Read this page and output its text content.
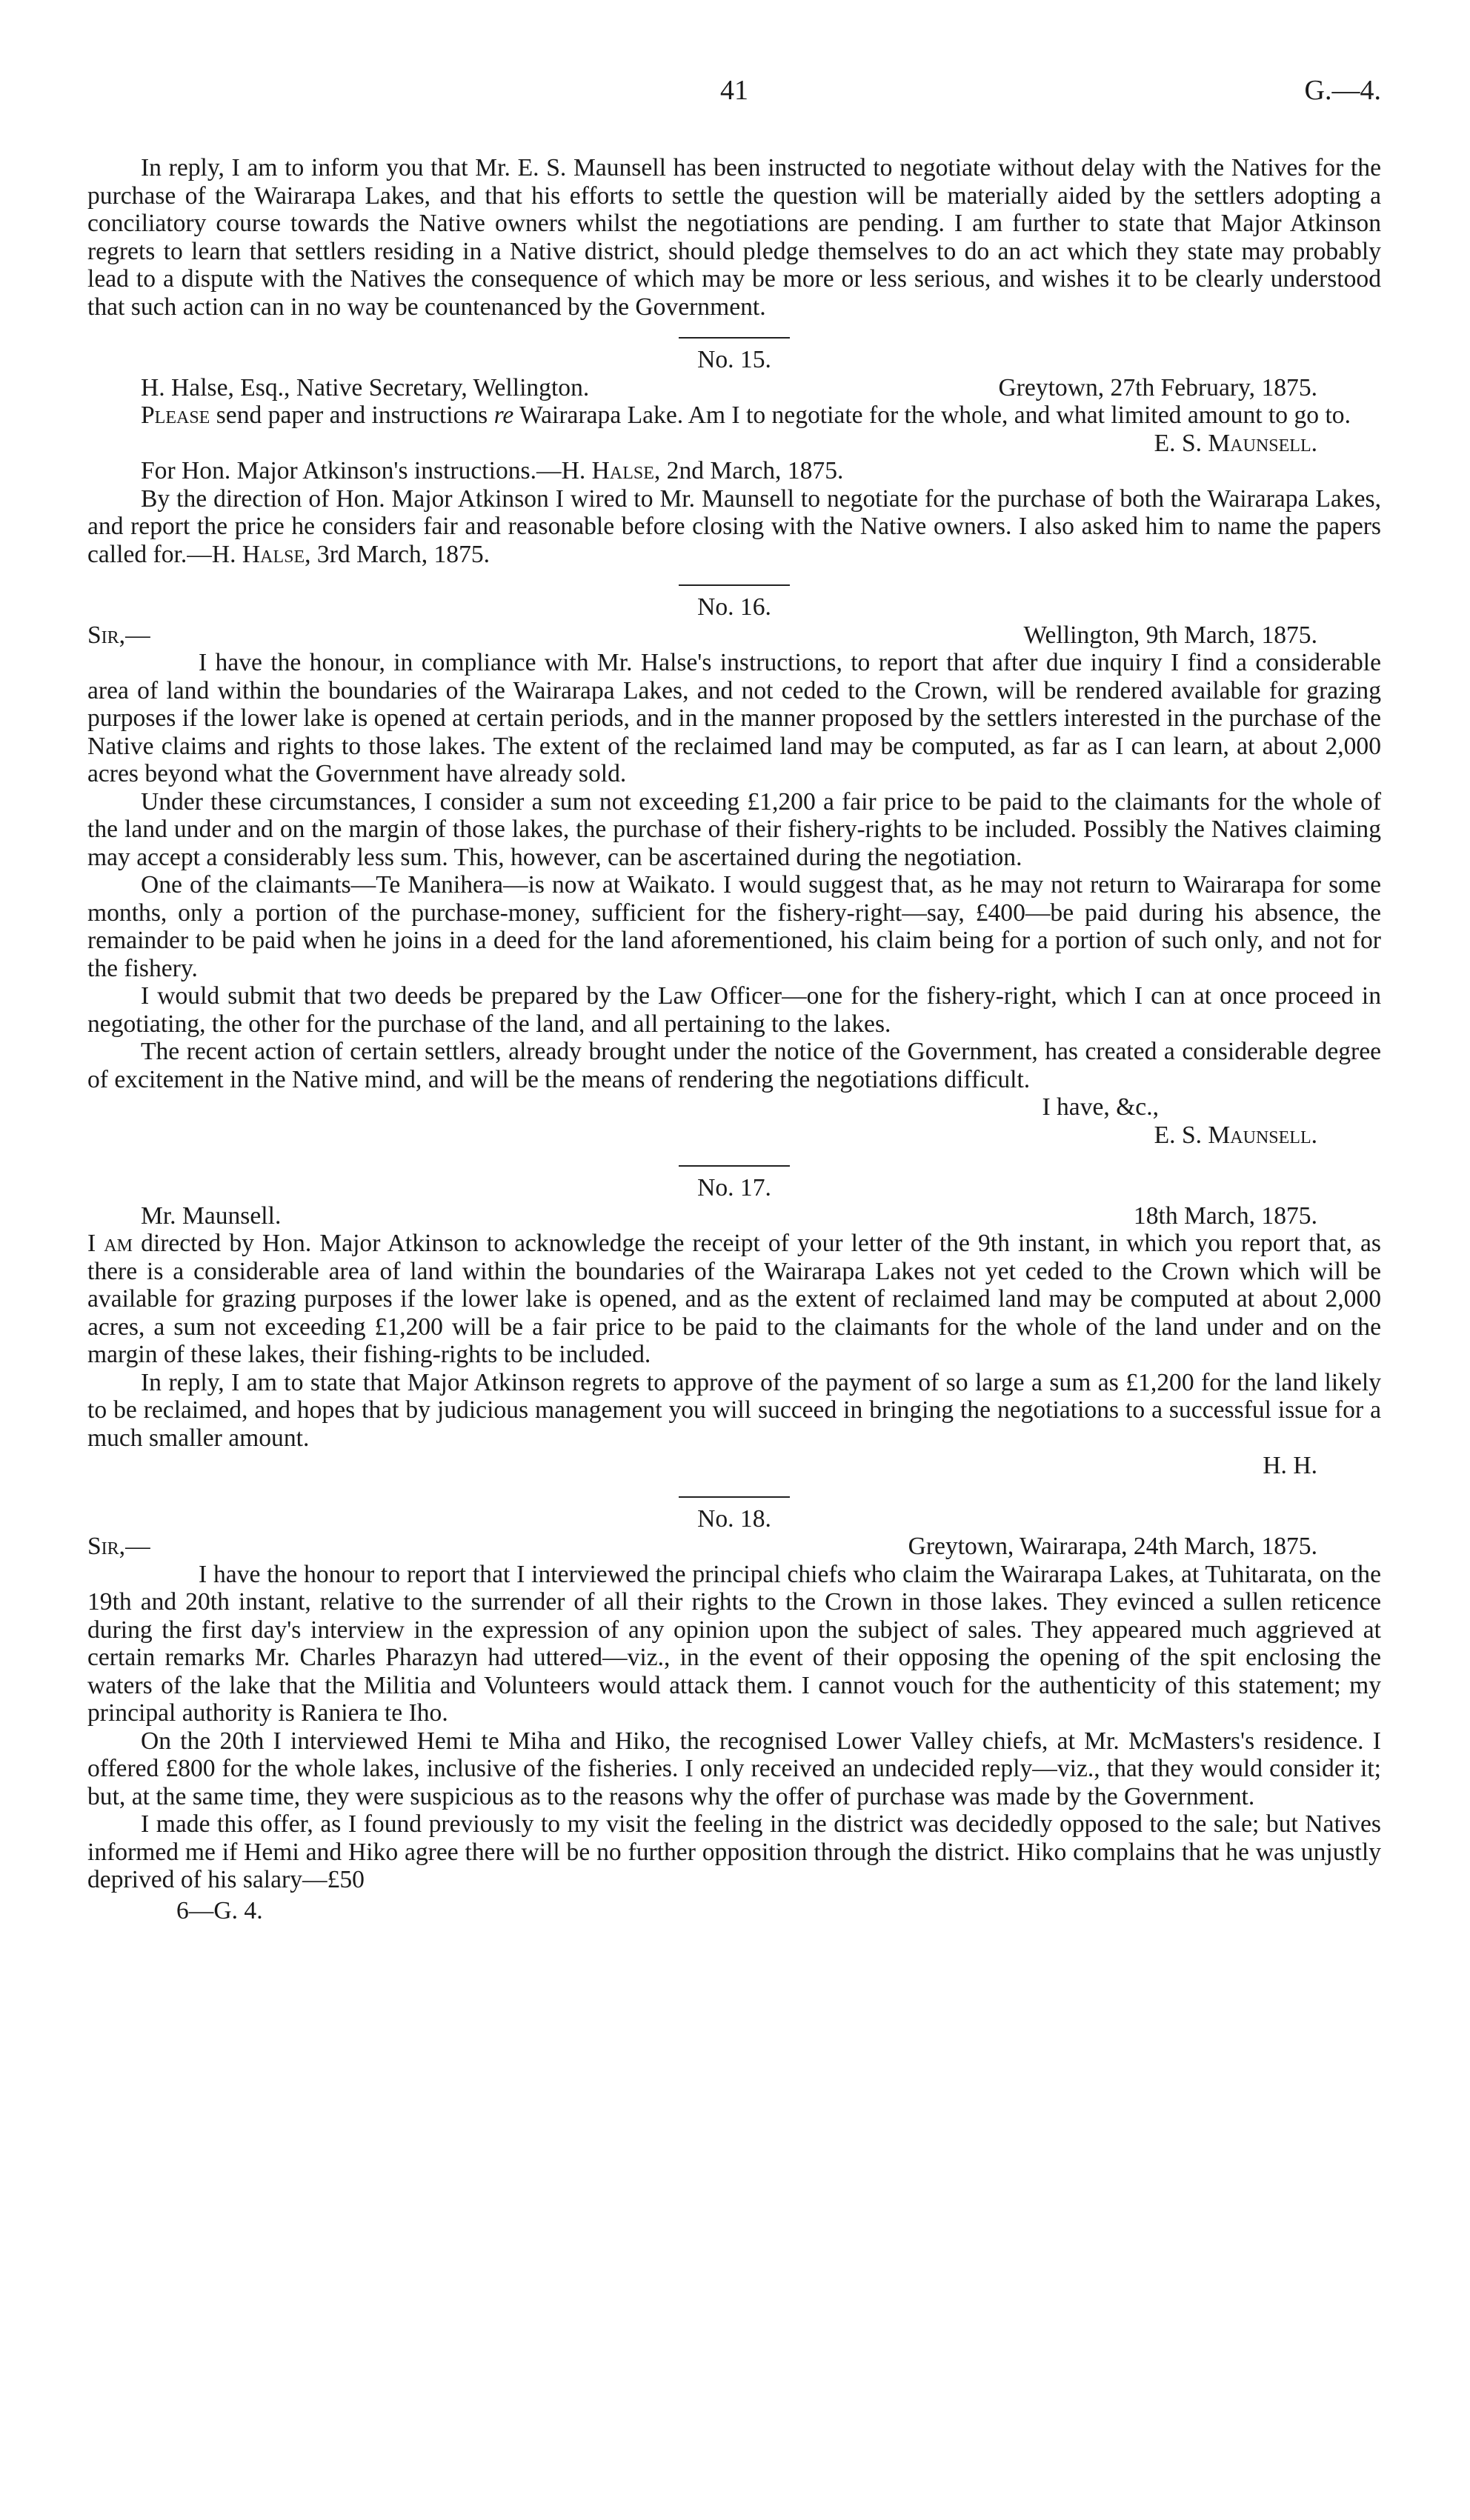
41	G.—4.

In reply, I am to inform you that Mr. E. S. Maunsell has been instructed to negotiate without delay with the Natives for the purchase of the Wairarapa Lakes, and that his efforts to settle the question will be materially aided by the settlers adopting a conciliatory course towards the Native owners whilst the negotiations are pending. I am further to state that Major Atkinson regrets to learn that settlers residing in a Native district, should pledge themselves to do an act which they state may probably lead to a dispute with the Natives the consequence of which may be more or less serious, and wishes it to be clearly understood that such action can in no way be countenanced by the Government.

No. 15.
H. Halse, Esq., Native Secretary, Wellington.	Greytown, 27th February, 1875.

Please send paper and instructions re Wairarapa Lake. Am I to negotiate for the whole, and what limited amount to go to.

E. S. Maunsell.

For Hon. Major Atkinson's instructions.—H. Halse, 2nd March, 1875.

By the direction of Hon. Major Atkinson I wired to Mr. Maunsell to negotiate for the purchase of both the Wairarapa Lakes, and report the price he considers fair and reasonable before closing with the Native owners. I also asked him to name the papers called for.—H. Halse, 3rd March, 1875.

No. 16.
Sir,—	Wellington, 9th March, 1875.

I have the honour, in compliance with Mr. Halse's instructions, to report that after due inquiry I find a considerable area of land within the boundaries of the Wairarapa Lakes, and not ceded to the Crown, will be rendered available for grazing purposes if the lower lake is opened at certain periods, and in the manner proposed by the settlers interested in the purchase of the Native claims and rights to those lakes. The extent of the reclaimed land may be computed, as far as I can learn, at about 2,000 acres beyond what the Government have already sold.

Under these circumstances, I consider a sum not exceeding £1,200 a fair price to be paid to the claimants for the whole of the land under and on the margin of those lakes, the purchase of their fishery-rights to be included. Possibly the Natives claiming may accept a considerably less sum. This, however, can be ascertained during the negotiation.

One of the claimants—Te Manihera—is now at Waikato. I would suggest that, as he may not return to Wairarapa for some months, only a portion of the purchase-money, sufficient for the fishery-right—say, £400—be paid during his absence, the remainder to be paid when he joins in a deed for the land aforementioned, his claim being for a portion of such only, and not for the fishery.

I would submit that two deeds be prepared by the Law Officer—one for the fishery-right, which I can at once proceed in negotiating, the other for the purchase of the land, and all pertaining to the lakes.

The recent action of certain settlers, already brought under the notice of the Government, has created a considerable degree of excitement in the Native mind, and will be the means of rendering the negotiations difficult.

I have, &c.,
E. S. Maunsell.
No. 17.
Mr. Maunsell.	18th March, 1875.

I am directed by Hon. Major Atkinson to acknowledge the receipt of your letter of the 9th instant, in which you report that, as there is a considerable area of land within the boundaries of the Wairarapa Lakes not yet ceded to the Crown which will be available for grazing purposes if the lower lake is opened, and as the extent of reclaimed land may be computed at about 2,000 acres, a sum not exceeding £1,200 will be a fair price to be paid to the claimants for the whole of the land under and on the margin of these lakes, their fishing-rights to be included.

In reply, I am to state that Major Atkinson regrets to approve of the payment of so large a sum as £1,200 for the land likely to be reclaimed, and hopes that by judicious management you will succeed in bringing the negotiations to a successful issue for a much smaller amount.

H. H.
No. 18.
Sir,—	Greytown, Wairarapa, 24th March, 1875.

I have the honour to report that I interviewed the principal chiefs who claim the Wairarapa Lakes, at Tuhitarata, on the 19th and 20th instant, relative to the surrender of all their rights to the Crown in those lakes. They evinced a sullen reticence during the first day's interview in the expression of any opinion upon the subject of sales. They appeared much aggrieved at certain remarks Mr. Charles Pharazyn had uttered—viz., in the event of their opposing the opening of the spit enclosing the waters of the lake that the Militia and Volunteers would attack them. I cannot vouch for the authenticity of this statement; my principal authority is Raniera te Iho.

On the 20th I interviewed Hemi te Miha and Hiko, the recognised Lower Valley chiefs, at Mr. McMasters's residence. I offered £800 for the whole lakes, inclusive of the fisheries. I only received an undecided reply—viz., that they would consider it; but, at the same time, they were suspicious as to the reasons why the offer of purchase was made by the Government.

I made this offer, as I found previously to my visit the feeling in the district was decidedly opposed to the sale; but Natives informed me if Hemi and Hiko agree there will be no further opposition through the district. Hiko complains that he was unjustly deprived of his salary—£50

6—G. 4.
